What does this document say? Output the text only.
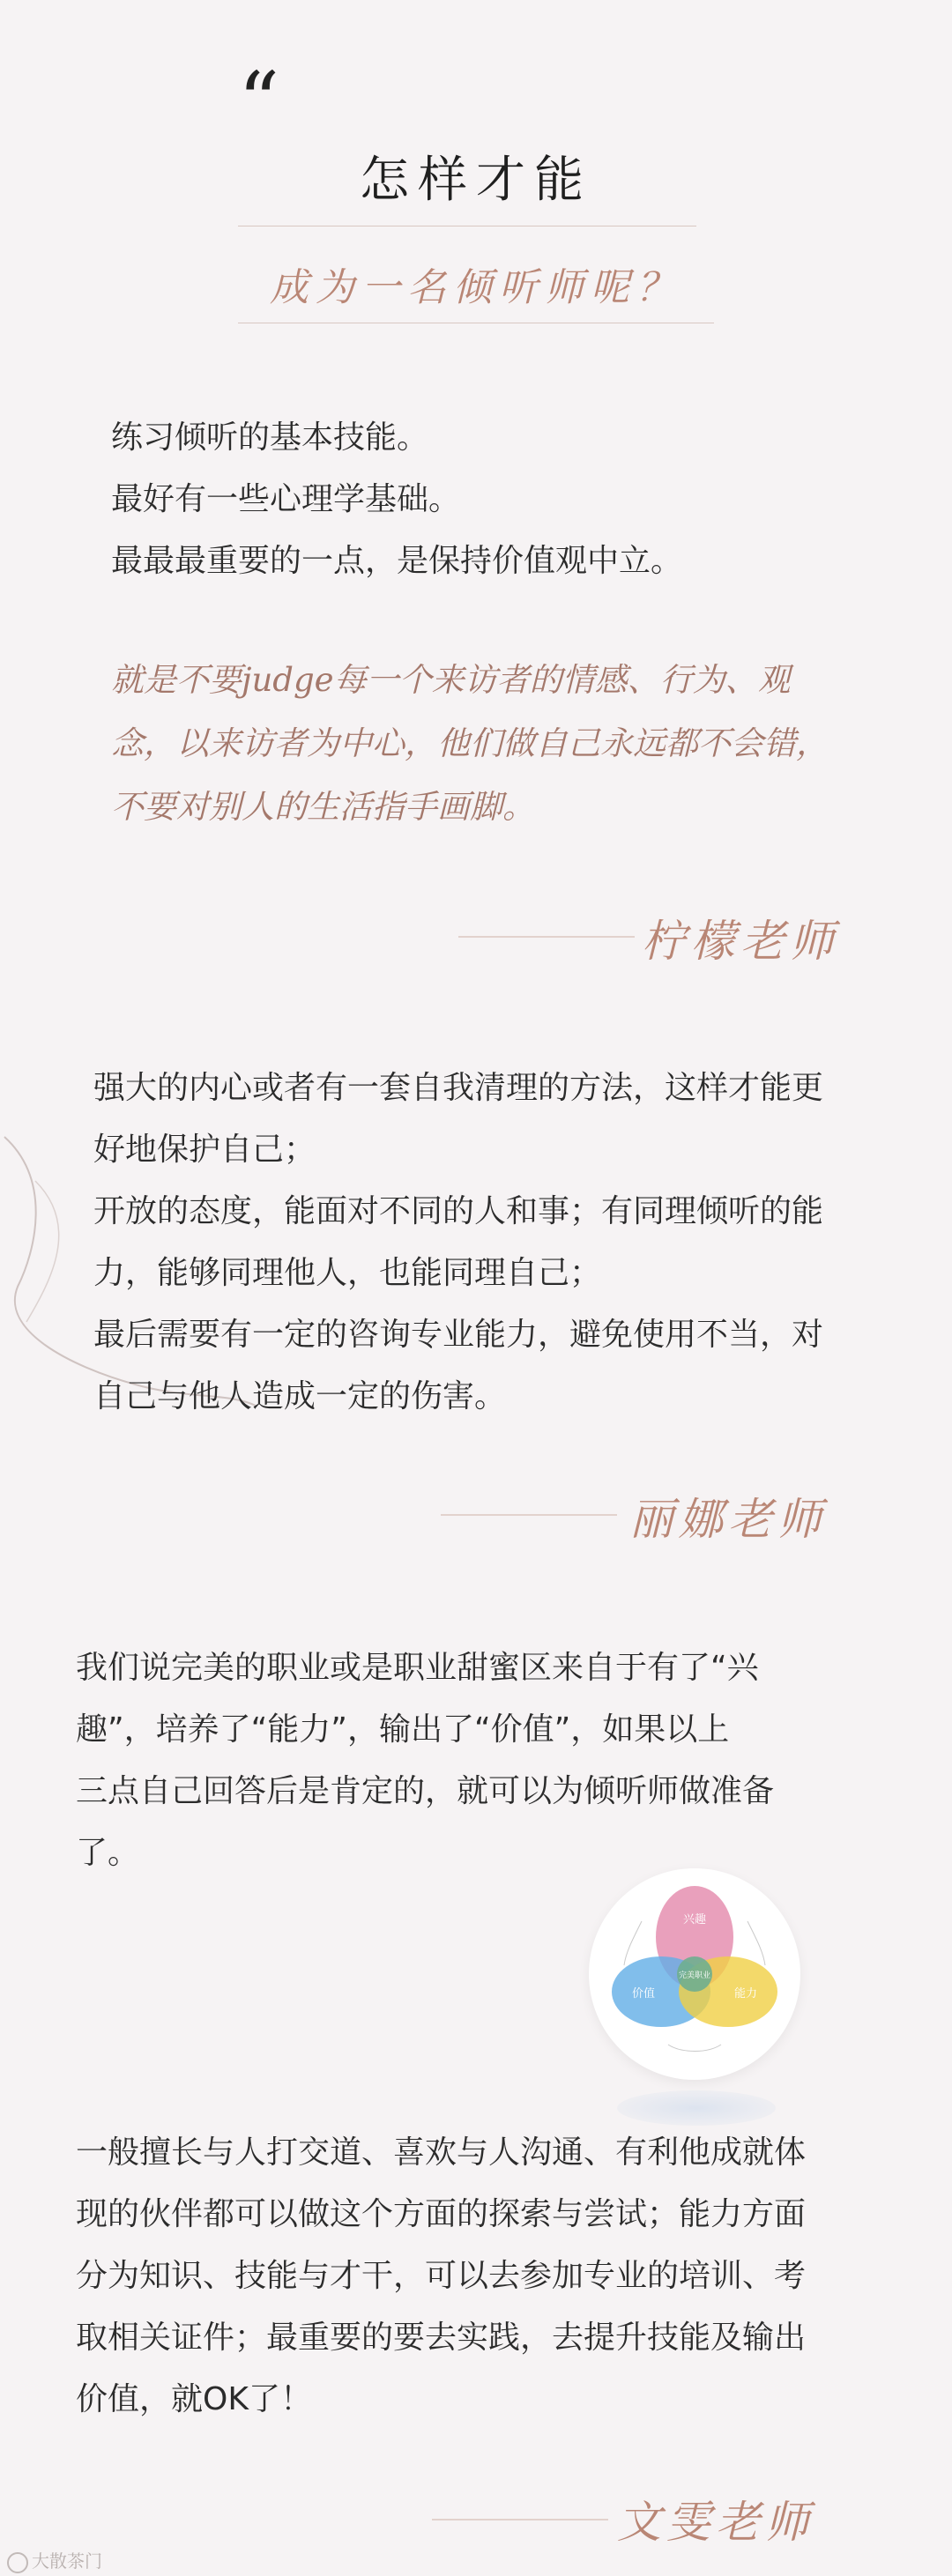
“
怎样才能
成为一名倾听师呢？
练习倾听的基本技能。
最好有一些心理学基础。
最最最重要的一点，是保持价值观中立。
就是不要judge每一个来访者的情感、行为、观
念，以来访者为中心，他们做自己永远都不会错，
不要对别人的生活指手画脚。
柠檬老师
强大的内心或者有一套自我清理的方法，这样才能更
好地保护自己；
开放的态度，能面对不同的人和事；有同理倾听的能
力，能够同理他人，也能同理自己；
最后需要有一定的咨询专业能力，避免使用不当，对
自己与他人造成一定的伤害。
丽娜老师
我们说完美的职业或是职业甜蜜区来自于有了“兴
趣”，培养了“能力”，输出了“价值”，如果以上
三点自己回答后是肯定的，就可以为倾听师做准备
了。
兴趣
价值	能力
完美职业
一般擅长与人打交道、喜欢与人沟通、有利他成就体
现的伙伴都可以做这个方面的探索与尝试；能力方面
分为知识、技能与才干，可以去参加专业的培训、考
取相关证件；最重要的要去实践，去提升技能及输出
价值，就OK了！
文雯老师
大散茶门
